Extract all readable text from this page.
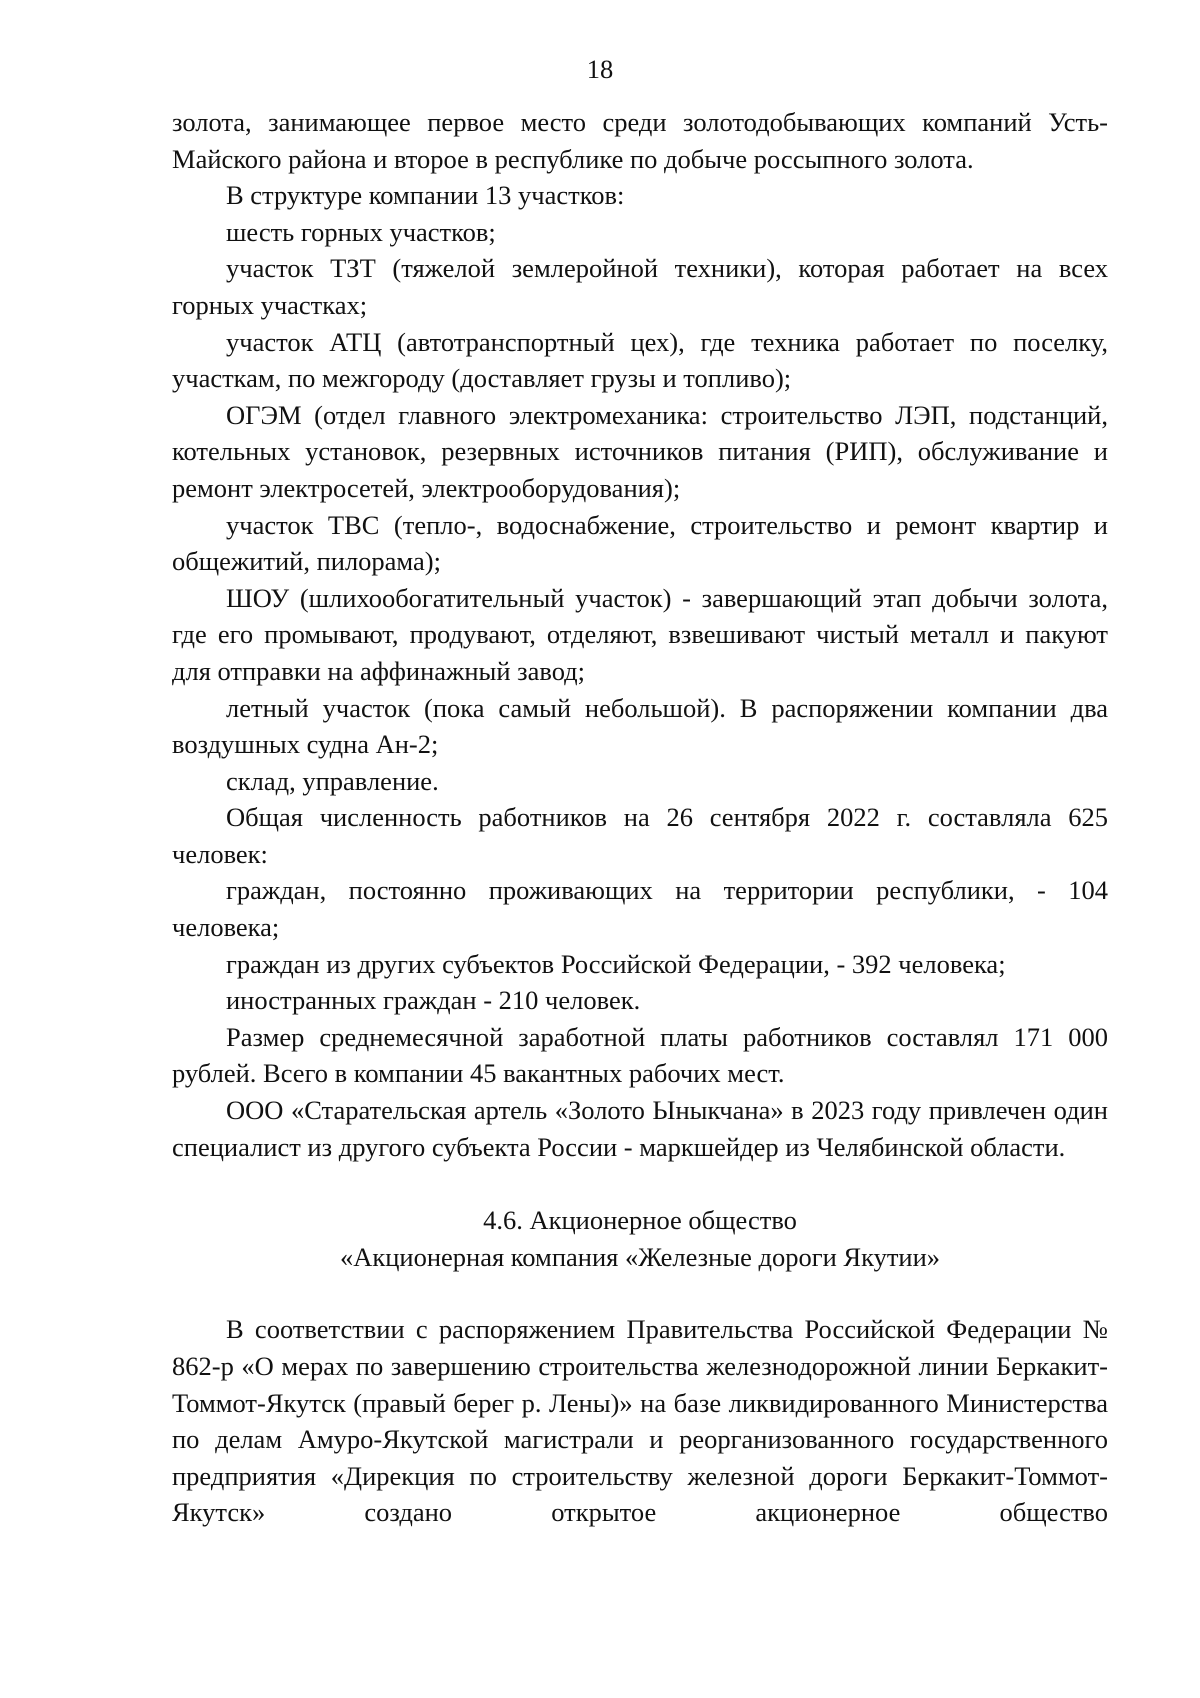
18

золота, занимающее первое место среди золотодобывающих компаний Усть-Майского района и второе в республике по добыче россыпного золота.

В структуре компании 13 участков:

шесть горных участков;

участок ТЗТ (тяжелой землеройной техники), которая работает на всех горных участках;

участок АТЦ (автотранспортный цех), где техника работает по поселку, участкам, по межгороду (доставляет грузы и топливо);

ОГЭМ (отдел главного электромеханика: строительство ЛЭП, подстанций, котельных установок, резервных источников питания (РИП), обслуживание и ремонт электросетей, электрооборудования);

участок ТВС (тепло-, водоснабжение, строительство и ремонт квартир и общежитий, пилорама);

ШОУ (шлихообогатительный участок) - завершающий этап добычи золота, где его промывают, продувают, отделяют, взвешивают чистый металл и пакуют для отправки на аффинажный завод;

летный участок (пока самый небольшой). В распоряжении компании два воздушных судна Ан-2;

склад, управление.

Общая численность работников на 26 сентября 2022 г. составляла 625 человек:

граждан, постоянно проживающих на территории республики, - 104 человека;

граждан из других субъектов Российской Федерации, - 392 человека;

иностранных граждан - 210 человек.

Размер среднемесячной заработной платы работников составлял 171 000 рублей. Всего в компании 45 вакантных рабочих мест.

ООО «Старательская артель «Золото Ыныкчана» в 2023 году привлечен один специалист из другого субъекта России - маркшейдер из Челябинской области.

4.6. Акционерное общество
«Акционерная компания «Железные дороги Якутии»

В соответствии с распоряжением Правительства Российской Федерации № 862-р «О мерах по завершению строительства железнодорожной линии Беркакит-Томмот-Якутск (правый берег р. Лены)» на базе ликвидированного Министерства по делам Амуро-Якутской магистрали и реорганизованного государственного предприятия «Дирекция по строительству железной дороги Беркакит-Томмот-Якутск» создано открытое акционерное общество
